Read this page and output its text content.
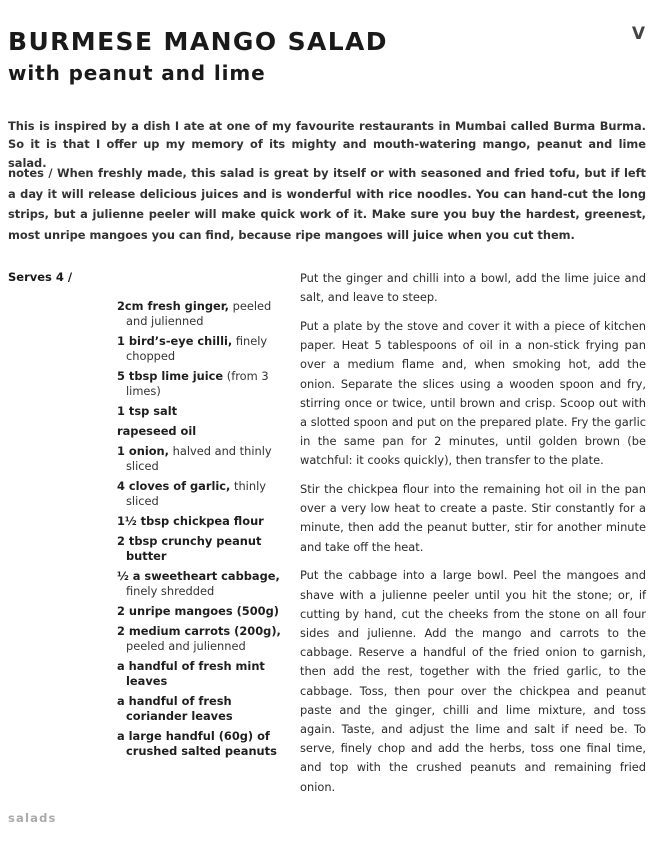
BURMESE MANGO SALAD
with peanut and lime
V

This is inspired by a dish I ate at one of my favourite restaurants in Mumbai called Burma Burma. So it is that I offer up my memory of its mighty and mouth-watering mango, peanut and lime salad.

notes / When freshly made, this salad is great by itself or with seasoned and fried tofu, but if left a day it will release delicious juices and is wonderful with rice noodles. You can hand-cut the long strips, but a julienne peeler will make quick work of it. Make sure you buy the hardest, greenest, most unripe mangoes you can find, because ripe mangoes will juice when you cut them.

Serves 4 /
2cm fresh ginger, peeled and julienned
1 bird’s-eye chilli, finely chopped
5 tbsp lime juice (from 3 limes)
1 tsp salt
rapeseed oil
1 onion, halved and thinly sliced
4 cloves of garlic, thinly sliced
1½ tbsp chickpea flour
2 tbsp crunchy peanut butter
½ a sweetheart cabbage, finely shredded
2 unripe mangoes (500g)
2 medium carrots (200g), peeled and julienned
a handful of fresh mint leaves
a handful of fresh coriander leaves
a large handful (60g) of crushed salted peanuts

Put the ginger and chilli into a bowl, add the lime juice and salt, and leave to steep.

Put a plate by the stove and cover it with a piece of kitchen paper. Heat 5 tablespoons of oil in a non-stick frying pan over a medium flame and, when smoking hot, add the onion. Separate the slices using a wooden spoon and fry, stirring once or twice, until brown and crisp. Scoop out with a slotted spoon and put on the prepared plate. Fry the garlic in the same pan for 2 minutes, until golden brown (be watchful: it cooks quickly), then transfer to the plate.

Stir the chickpea flour into the remaining hot oil in the pan over a very low heat to create a paste. Stir constantly for a minute, then add the peanut butter, stir for another minute and take off the heat.

Put the cabbage into a large bowl. Peel the mangoes and shave with a julienne peeler until you hit the stone; or, if cutting by hand, cut the cheeks from the stone on all four sides and julienne. Add the mango and carrots to the cabbage. Reserve a handful of the fried onion to garnish, then add the rest, together with the fried garlic, to the cabbage. Toss, then pour over the chickpea and peanut paste and the ginger, chilli and lime mixture, and toss again. Taste, and adjust the lime and salt if need be. To serve, finely chop and add the herbs, toss one final time, and top with the crushed peanuts and remaining fried onion.

salads
